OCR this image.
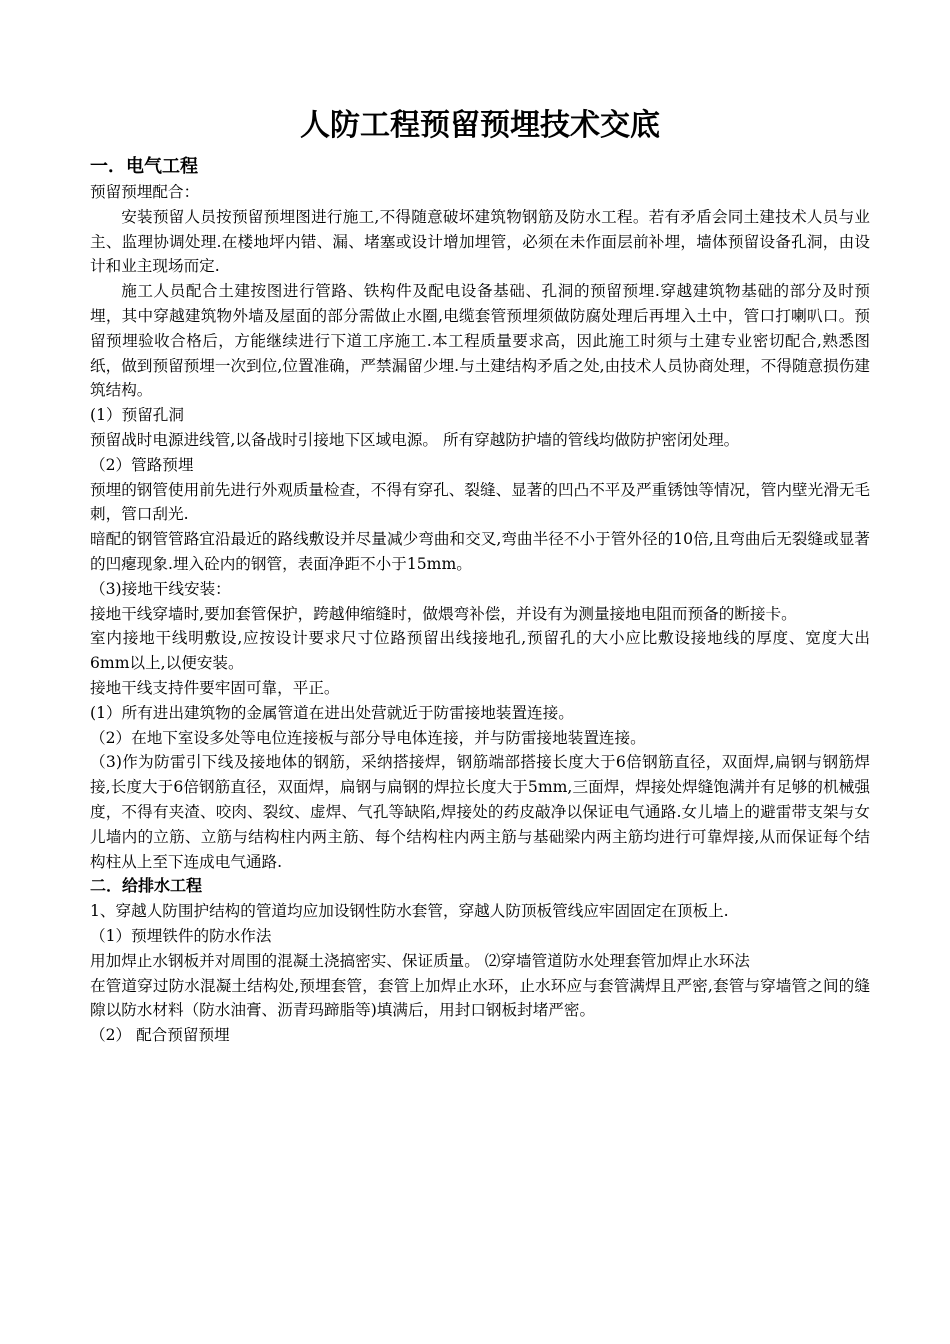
人防工程预留预埋技术交底
一．电气工程

预留预埋配合：

安装预留人员按预留预埋图进行施工,不得随意破坏建筑物钢筋及防水工程。若有矛盾会同土建技术人员与业主、监理协调处理.在楼地坪内错、漏、堵塞或设计增加埋管，必须在未作面层前补埋，墙体预留设备孔洞，由设计和业主现场而定.

施工人员配合土建按图进行管路、铁构件及配电设备基础、孔洞的预留预埋.穿越建筑物基础的部分及时预埋，其中穿越建筑物外墙及屋面的部分需做止水圈,电缆套管预埋须做防腐处理后再埋入土中，管口打喇叭口。预留预埋验收合格后，方能继续进行下道工序施工.本工程质量要求高，因此施工时须与土建专业密切配合,熟悉图纸，做到预留预埋一次到位,位置准确，严禁漏留少埋.与土建结构矛盾之处,由技术人员协商处理，不得随意损伤建筑结构。

(1）预留孔洞

预留战时电源进线管,以备战时引接地下区域电源。 所有穿越防护墙的管线均做防护密闭处理。

（2）管路预埋

预埋的钢管使用前先进行外观质量检查，不得有穿孔、裂缝、显著的凹凸不平及严重锈蚀等情况，管内壁光滑无毛刺，管口刮光.

暗配的钢管管路宜沿最近的路线敷设并尽量减少弯曲和交叉,弯曲半径不小于管外径的10倍,且弯曲后无裂缝或显著的凹瘪现象.埋入砼内的钢管，表面净距不小于15mm。

（3)接地干线安装：

接地干线穿墙时,要加套管保护，跨越伸缩缝时，做煨弯补偿，并设有为测量接地电阻而预备的断接卡。

室内接地干线明敷设,应按设计要求尺寸位路预留出线接地孔,预留孔的大小应比敷设接地线的厚度、宽度大出6mm以上,以便安装。

接地干线支持件要牢固可靠，平正。

(1）所有进出建筑物的金属管道在进出处营就近于防雷接地装置连接。

（2）在地下室设多处等电位连接板与部分导电体连接，并与防雷接地装置连接。

（3)作为防雷引下线及接地体的钢筋，采纳搭接焊，钢筋端部搭接长度大于6倍钢筋直径，双面焊,扁钢与钢筋焊接,长度大于6倍钢筋直径，双面焊，扁钢与扁钢的焊拉长度大于5mm,三面焊，焊接处焊缝饱满并有足够的机械强度，不得有夹渣、咬肉、裂纹、虚焊、气孔等缺陷,焊接处的药皮敲净以保证电气通路.女儿墙上的避雷带支架与女儿墙内的立筋、立筋与结构柱内两主筋、每个结构柱内两主筋与基础梁内两主筋均进行可靠焊接,从而保证每个结构柱从上至下连成电气通路.

二．给排水工程

1、穿越人防围护结构的管道均应加设钢性防水套管，穿越人防顶板管线应牢固固定在顶板上.

（1）预埋铁件的防水作法

用加焊止水钢板并对周围的混凝土浇搞密实、保证质量。 ⑵穿墙管道防水处理套管加焊止水环法

在管道穿过防水混凝土结构处,预埋套管，套管上加焊止水环，止水环应与套管满焊且严密,套管与穿墙管之间的缝隙以防水材料（防水油膏、沥青玛蹄脂等)填满后，用封口钢板封堵严密。

（2） 配合预留预埋
